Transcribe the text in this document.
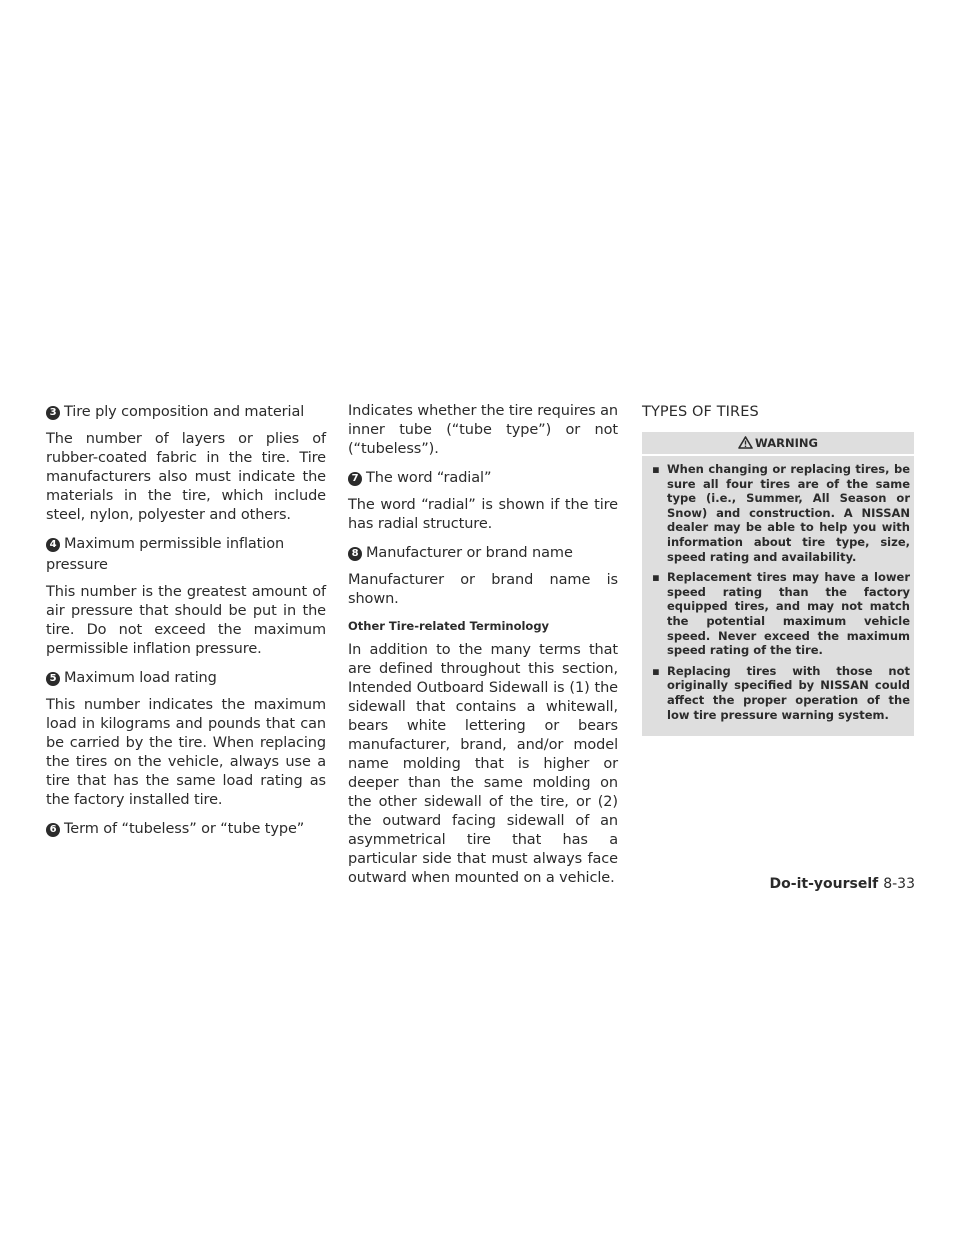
3 Tire ply composition and material

The number of layers or plies of rubber-coated fabric in the tire. Tire manufacturers also must indicate the materials in the tire, which include steel, nylon, polyester and others.

4 Maximum permissible inflation pressure

This number is the greatest amount of air pressure that should be put in the tire. Do not exceed the maximum permissible inflation pressure.

5 Maximum load rating

This number indicates the maximum load in kilograms and pounds that can be carried by the tire. When replacing the tires on the vehicle, always use a tire that has the same load rating as the factory installed tire.

6 Term of “tubeless” or “tube type”

Indicates whether the tire requires an inner tube (“tube type”) or not (“tubeless”).

7 The word “radial”

The word “radial” is shown if the tire has radial structure.

8 Manufacturer or brand name

Manufacturer or brand name is shown.

Other Tire-related Terminology

In addition to the many terms that are defined throughout this section, Intended Outboard Sidewall is (1) the sidewall that contains a whitewall, bears white lettering or bears manufacturer, brand, and/or model name molding that is higher or deeper than the same molding on the other sidewall of the tire, or (2) the outward facing sidewall of an asymmetrical tire that has a particular side that must always face outward when mounted on a vehicle.

TYPES OF TIRES
WARNING
▪ When changing or replacing tires, be sure all four tires are of the same type (i.e., Summer, All Season or Snow) and construction. A NISSAN dealer may be able to help you with information about tire type, size, speed rating and availability.
▪ Replacement tires may have a lower speed rating than the factory equipped tires, and may not match the potential maximum vehicle speed. Never exceed the maximum speed rating of the tire.
▪ Replacing tires with those not originally specified by NISSAN could affect the proper operation of the low tire pressure warning system.
Do-it-yourself 8-33
